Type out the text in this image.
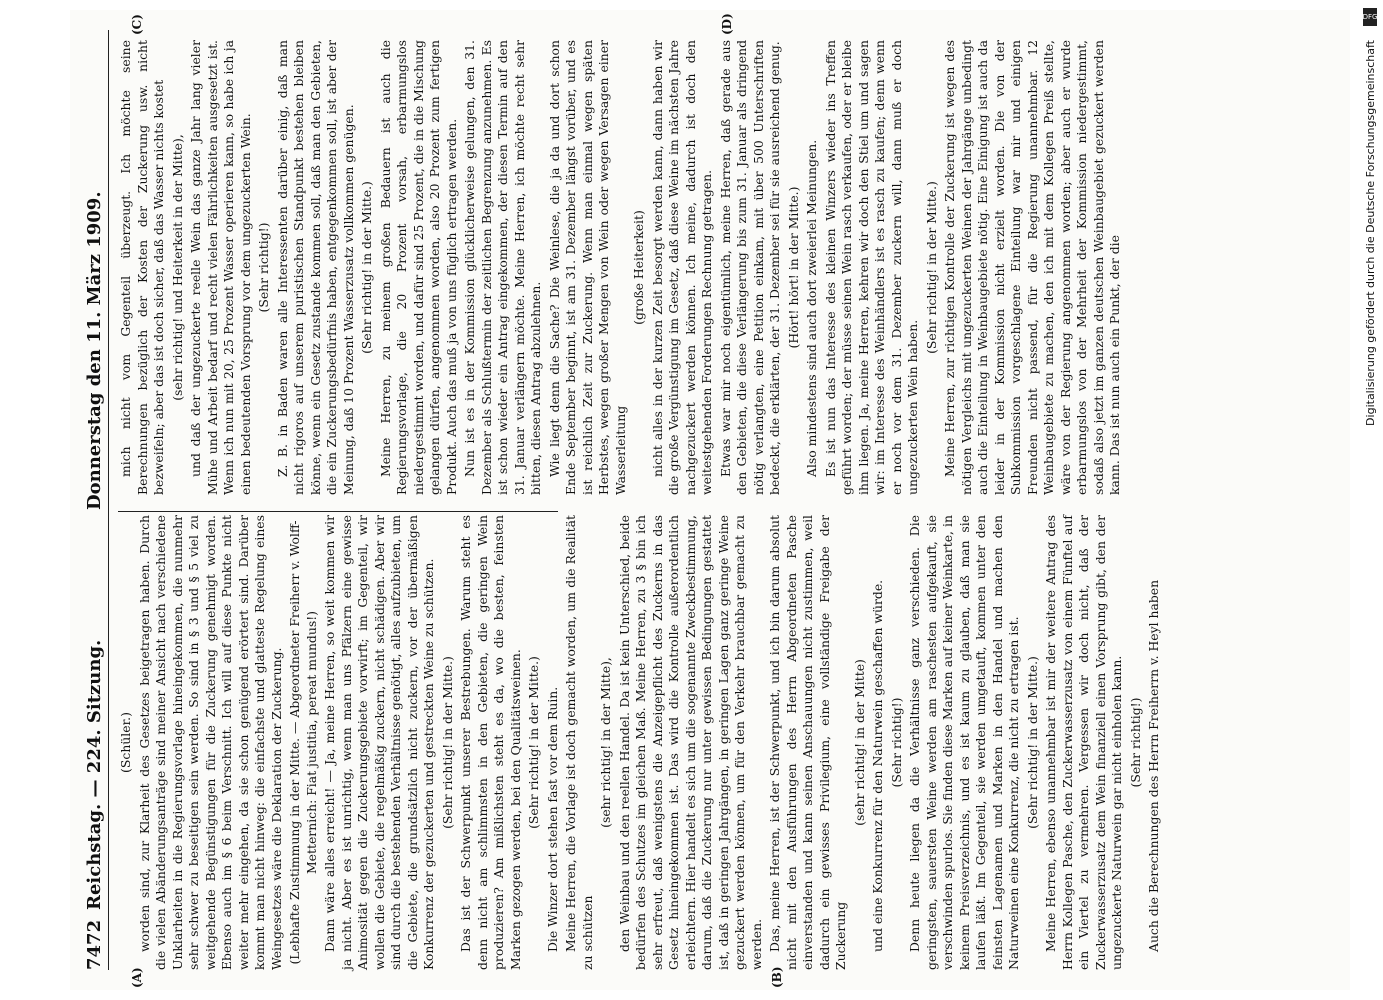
7472
Reichstag. — 224. Sitzung.
Donnerstag den 11. März 1909.

(Schüler.) worden sind, zur Klarheit des Gesetzes beigetragen haben. Durch die vielen Abänderungsanträge sind meiner Ansicht nach verschiedene Unklarheiten in die Regierungsvorlage hineingekommen, die nunmehr sehr schwer zu beseitigen sein werden. So sind in § 3 und § 5 viel zu weitgehende Begünstigungen für die Zuckerung genehmigt worden. Ebenso auch im § 6 beim Verschnitt. Ich will auf diese Punkte nicht weiter mehr eingehen, da sie schon genügend erörtert sind. Darüber kommt man nicht hinweg: die einfachste und glatteste Regelung eines Weingesetzes wäre die Deklaration der Zuckerung. (Lebhafte Zustimmung in der Mitte. — Abgeordneter Freiherr v. Wolff-Metternich: Fiat justitia, pereat mundus!) Dann wäre alles erreicht! — Ja, meine Herren, so weit kommen wir ja nicht. Aber es ist unrichtig, wenn man uns Pfälzern eine gewisse Animosität gegen die Zuckerungsgebiete vorwirft; im Gegenteil, wir wollen die Gebiete, die regelmäßig zuckern, nicht schädigen. Aber wir sind durch die bestehenden Verhältnisse genötigt, alles aufzubieten, um die Gebiete, die grundsätzlich nicht zuckern, vor der übermäßigen Konkurrenz der gezuckerten und gestreckten Weine zu schützen. (Sehr richtig! in der Mitte.) Das ist der Schwerpunkt unserer Bestrebungen. Warum steht es denn nicht am schlimmsten in den Gebieten, die geringen Wein produzieren? Am mißlichsten steht es da, wo die besten, feinsten Marken gezogen werden, bei den Qualitätsweinen. (Sehr richtig! in der Mitte.) Die Winzer dort stehen fast vor dem Ruin. Meine Herren, die Vorlage ist doch gemacht worden, um die Realität zu schützen

(sehr richtig! in der Mitte), den Weinbau und den reellen Handel. Da ist kein Unterschied, beide bedürfen des Schutzes im gleichen Maß. Meine Herren, zu 3 § bin ich sehr erfreut, daß wenigstens die Anzeigepflicht des Zuckerns in das Gesetz hineingekommen ist. Das wird die Kontrolle außerordentlich erleichtern. Hier handelt es sich um die sogenannte Zweckbestimmung, darum, daß die Zuckerung nur unter gewissen Bedingungen gestattet ist, daß in geringen Jahrgängen, in geringen Lagen ganz geringe Weine gezuckert werden können, um für den Verkehr brauchbar gemacht zu werden. Das, meine Herren, ist der Schwerpunkt, und ich bin darum absolut nicht mit den Ausführungen des Herrn Abgeordneten Pasche einverstanden und kann seinen Anschauungen nicht zustimmen, weil dadurch ein gewisses Privilegium, eine vollständige Freigabe der Zuckerung

(sehr richtig! in der Mitte) und eine Konkurrenz für den Naturwein geschaffen würde. (Sehr richtig!) Denn heute liegen da die Verhältnisse ganz verschieden. Die geringsten, sauersten Weine werden am raschesten aufgekauft, sie verschwinden spurlos. Sie finden diese Marken auf keiner Weinkarte, in keinem Preisverzeichnis, und es ist kaum zu glauben, daß man sie laufen läßt. Im Gegenteil, sie werden umgetauft, kommen unter den feinsten Lagenamen und Marken in den Handel und machen den Naturweinen eine Konkurrenz, die nicht zu ertragen ist. (Sehr richtig! in der Mitte.) Meine Herren, ebenso unannehmbar ist mir der weitere Antrag des Herrn Kollegen Pasche, den Zuckerwasserzusatz von einem Fünftel auf ein Viertel zu vermehren. Vergessen wir doch nicht, daß der Zuckerwasserzusatz dem Wein finanziell einen Vorsprung gibt, den der ungezuckerte Naturwein gar nicht einholen kann. (Sehr richtig!) Auch die Berechnungen des Herrn Freiherrn v. Heyl haben

mich nicht vom Gegenteil überzeugt. Ich möchte seine Berechnungen bezüglich der Kosten der Zuckerung usw. nicht bezweifeln; aber das ist doch sicher, daß das Wasser nichts kostet (sehr richtig! und Heiterkeit in der Mitte), und daß der ungezuckerte reelle Wein das ganze Jahr lang vieler Mühe und Arbeit bedarf und recht vielen Fährlichkeiten ausgesetzt ist. Wenn ich nun mit 20, 25 Prozent Wasser operieren kann, so habe ich ja einen bedeutenden Vorsprung vor dem ungezuckerten Wein. (Sehr richtig!) Z. B. in Baden waren alle Interessenten darüber einig, daß man nicht rigoros auf unserem puristischen Standpunkt bestehen bleiben könne, wenn ein Gesetz zustande kommen soll, daß man den Gebieten, die ein Zuckerungsbedürfnis haben, entgegenkommen soll, ist aber der Meinung, daß 10 Prozent Wasserzusatz vollkommen genügen. (Sehr richtig! in der Mitte.) Meine Herren, zu meinem großen Bedauern ist auch die Regierungsvorlage, die 20 Prozent vorsah, erbarmungslos niedergestimmt worden, und dafür sind 25 Prozent, die in die Mischung gelangen dürfen, angenommen worden, also 20 Prozent zum fertigen Produkt. Auch das muß ja von uns füglich ertragen werden. Nun ist es in der Kommission glücklicherweise gelungen, den 31. Dezember als Schlußtermin der zeitlichen Begrenzung anzunehmen. Es ist schon wieder ein Antrag eingekommen, der diesen Termin auf den 31. Januar verlängern möchte. Meine Herren, ich möchte recht sehr bitten, diesen Antrag abzulehnen. Wie liegt denn die Sache? Die Weinlese, die ja da und dort schon Ende September beginnt, ist am 31. Dezember längst vorüber, und es ist reichlich Zeit zur Zuckerung. Wenn man einmal wegen späten Herbstes, wegen großer Mengen von Wein oder wegen Versagen einer Wasserleitung

(große Heiterkeit) nicht alles in der kurzen Zeit besorgt werden kann, dann haben wir die große Vergünstigung im Gesetz, daß diese Weine im nächsten Jahre nachgezuckert werden können. Ich meine, dadurch ist doch den weitestgehenden Forderungen Rechnung getragen. Etwas war mir noch eigentümlich, meine Herren, daß gerade aus den Gebieten, die diese Verlängerung bis zum 31. Januar als dringend nötig verlangten, eine Petition einkam, mit über 500 Unterschriften bedeckt, die erklärten, der 31. Dezember sei für sie ausreichend genug. (Hört! hört! in der Mitte.) Also mindestens sind auch dort zweierlei Meinungen. Es ist nun das Interesse des kleinen Winzers wieder ins Treffen geführt worden; der müsse seinen Wein rasch verkaufen, oder er bleibe ihm liegen. Ja, meine Herren, kehren wir doch den Stiel um und sagen wir: im Interesse des Weinhändlers ist es rasch zu kaufen; denn wenn er noch vor dem 31. Dezember zuckern will, dann muß er doch ungezuckerten Wein haben.

(Sehr richtig! in der Mitte.) Meine Herren, zur richtigen Kontrolle der Zuckerung ist wegen des nötigen Vergleichs mit ungezuckerten Weinen der Jahrgänge unbedingt auch die Einteilung in Weinbaugebiete nötig. Eine Einigung ist auch da leider in der Kommission nicht erzielt worden. Die von der Subkommission vorgeschlagene Einteilung war mir und einigen Freunden nicht passend, für die Regierung unannehmbar. 12 Weinbaugebiete zu machen, den ich mit dem Kollegen Preiß stellte, wäre von der Regierung angenommen worden; aber auch er wurde erbarmungslos von der Mehrheit der Kommission niedergestimmt, sodaß also jetzt im ganzen deutschen Weinbaugebiet gezuckert werden kann. Das ist nun auch ein Punkt, der die

(A)	(B)
(C)	(D)	DFG
Digitalisierung gefördert durch die Deutsche Forschungsgemeinschaft
